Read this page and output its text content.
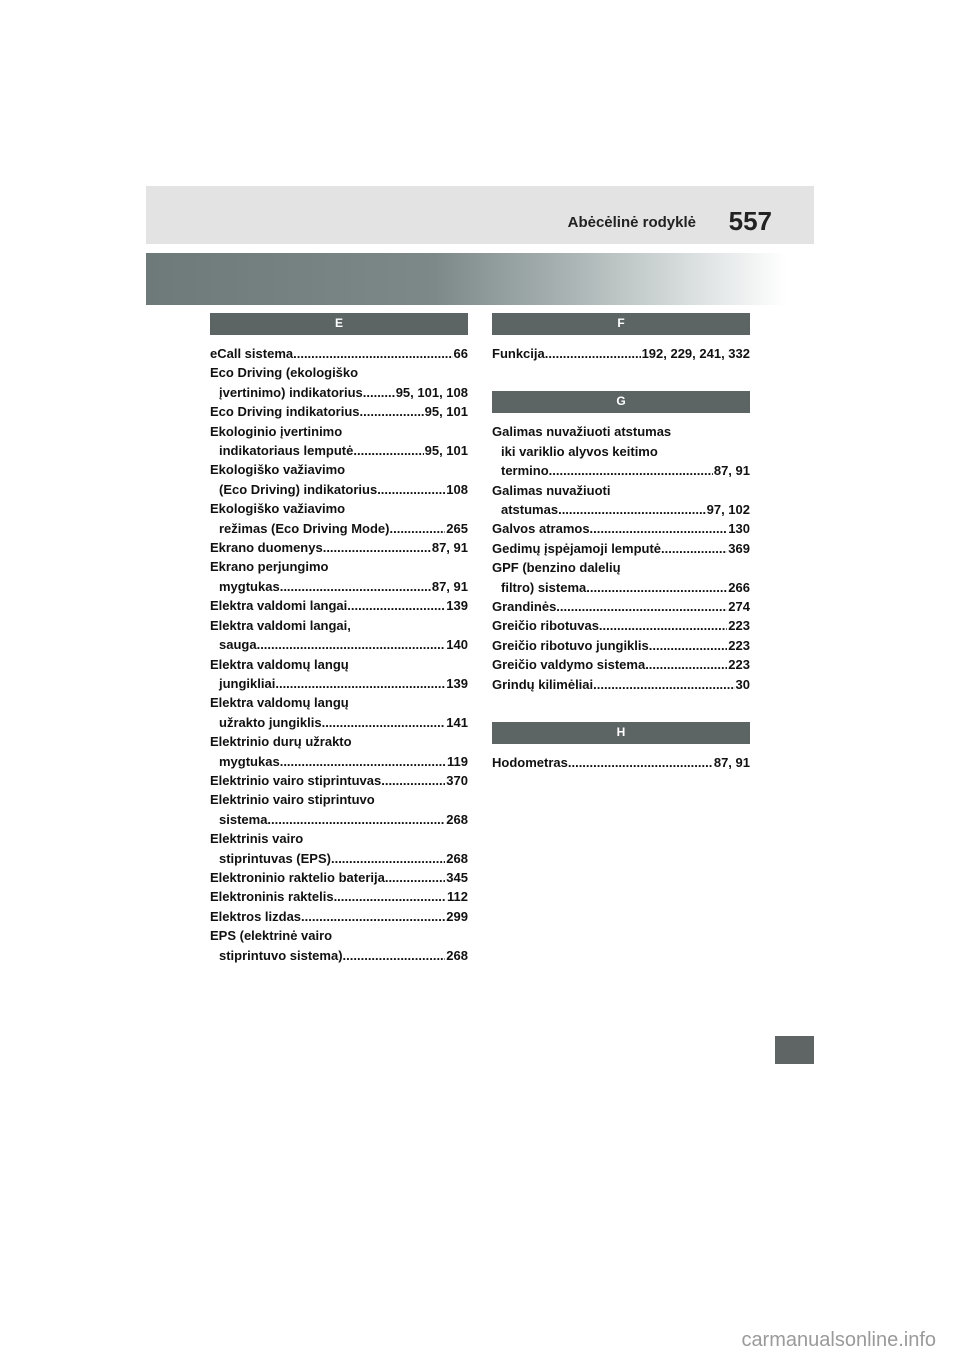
Abėcėlinė rodyklė 557
E
eCall sistema .....	66
Eco Driving (ekologiško
įvertinimo) indikatorius .....	95, 101, 108
Eco Driving indikatorius .....	95, 101
Ekologinio įvertinimo
indikatoriaus lemputė .....	95, 101
Ekologiško važiavimo
(Eco Driving) indikatorius .....	108
Ekologiško važiavimo
režimas (Eco Driving Mode) .....	265
Ekrano duomenys .....	87, 91
Ekrano perjungimo
mygtukas .....	87, 91
Elektra valdomi langai .....	139
Elektra valdomi langai,
sauga .....	140
Elektra valdomų langų
jungikliai .....	139
Elektra valdomų langų
užrakto jungiklis .....	141
Elektrinio durų užrakto
mygtukas .....	119
Elektrinio vairo stiprintuvas .....	370
Elektrinio vairo stiprintuvo
sistema .....	268
Elektrinis vairo
stiprintuvas (EPS) .....	268
Elektroninio raktelio baterija .....	345
Elektroninis raktelis .....	112
Elektros lizdas .....	299
EPS (elektrinė vairo
stiprintuvo sistema) .....	268
F
Funkcija .....	192, 229, 241, 332
G
Galimas nuvažiuoti atstumas
iki variklio alyvos keitimo
termino .....	87, 91
Galimas nuvažiuoti
atstumas .....	97, 102
Galvos atramos .....	130
Gedimų įspėjamoji lemputė .....	369
GPF (benzino dalelių
filtro) sistema .....	266
Grandinės .....	274
Greičio ribotuvas .....	223
Greičio ribotuvo jungiklis .....	223
Greičio valdymo sistema .....	223
Grindų kilimėliai .....	30
H
Hodometras .....	87, 91
carmanualsonline.info
